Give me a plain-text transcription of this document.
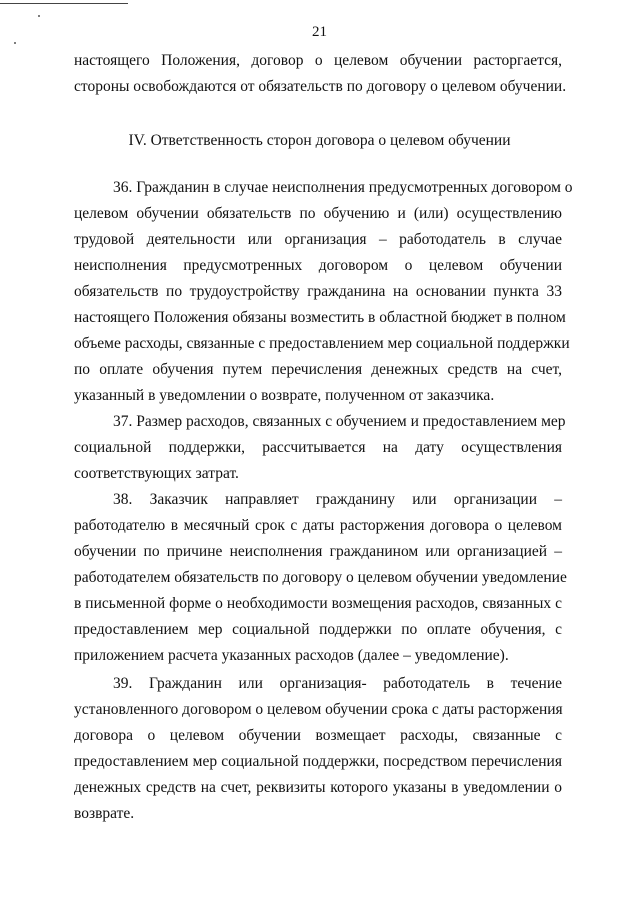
21
настоящего Положения, договор о целевом обучении расторгается,
стороны освобождаются от обязательств по договору о целевом обучении.
IV. Ответственность сторон договора о целевом обучении
36. Гражданин в случае неисполнения предусмотренных договором о
целевом обучении обязательств по обучению и (или) осуществлению
трудовой деятельности или организация – работодатель в случае
неисполнения предусмотренных договором о целевом обучении
обязательств по трудоустройству гражданина на основании пункта 33
настоящего Положения обязаны возместить в областной бюджет в полном
объеме расходы, связанные с предоставлением мер социальной поддержки
по оплате обучения путем перечисления денежных средств на счет,
указанный в уведомлении о возврате, полученном от заказчика.
37. Размер расходов, связанных с обучением и предоставлением мер
социальной поддержки, рассчитывается на дату осуществления
соответствующих затрат.
38. Заказчик направляет гражданину или организации –
работодателю в месячный срок с даты расторжения договора о целевом
обучении по причине неисполнения гражданином или организацией –
работодателем обязательств по договору о целевом обучении уведомление
в письменной форме о необходимости возмещения расходов, связанных с
предоставлением мер социальной поддержки по оплате обучения, с
приложением расчета указанных расходов (далее – уведомление).
39. Гражданин или организация- работодатель в течение
установленного договором о целевом обучении срока с даты расторжения
договора о целевом обучении возмещает расходы, связанные с
предоставлением мер социальной поддержки, посредством перечисления
денежных средств на счет, реквизиты которого указаны в уведомлении о
возврате.
